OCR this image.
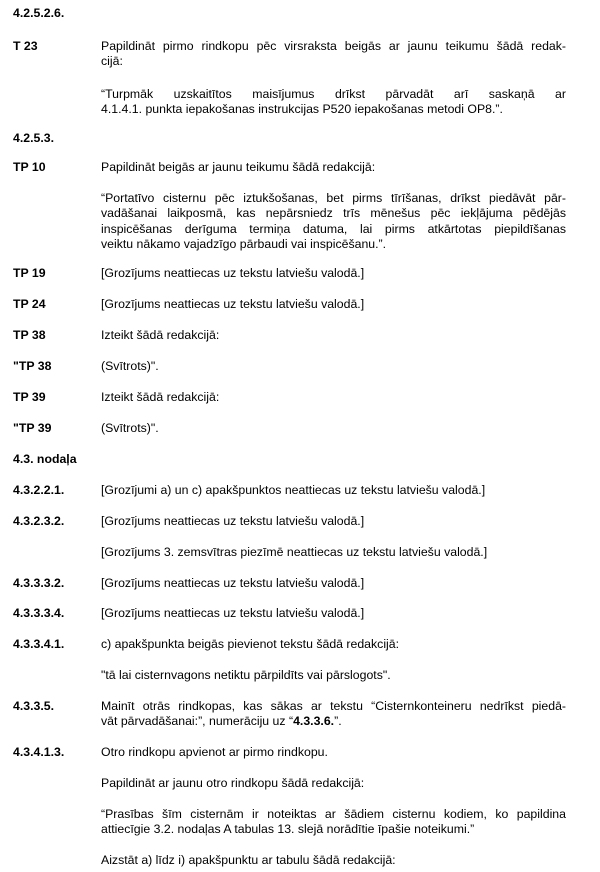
4.2.5.2.6.
T 23	Papildināt pirmo rindkopu pēc virsraksta beigās ar jaunu teikumu šādā redak-
cijā:
“Turpmāk uzskaitītos maisījumus drīkst pārvadāt arī saskaņā ar
4.1.4.1. punkta iepakošanas instrukcijas P520 iepakošanas metodi OP8.”.
4.2.5.3.
TP 10	Papildināt beigās ar jaunu teikumu šādā redakcijā:
“Portatīvo cisternu pēc iztukšošanas, bet pirms tīrīšanas, drīkst piedāvāt pār-
vadāšanai laikposmā, kas nepārsniedz trīs mēnešus pēc iekļājuma pēdējās
inspicēšanas derīguma termiņa datuma, lai pirms atkārtotas piepildīšanas
veiktu nākamo vajadzīgo pārbaudi vai inspicēšanu.”.
TP 19	[Grozījums neattiecas uz tekstu latviešu valodā.]
TP 24	[Grozījums neattiecas uz tekstu latviešu valodā.]
TP 38	Izteikt šādā redakcijā:
"TP 38	(Svītrots)".
TP 39	Izteikt šādā redakcijā:
"TP 39	(Svītrots)".
4.3. nodaļa
4.3.2.2.1.	[Grozījumi a) un c) apakšpunktos neattiecas uz tekstu latviešu valodā.]
4.3.2.3.2.	[Grozījums neattiecas uz tekstu latviešu valodā.]
[Grozījums 3. zemsvītras piezīmē neattiecas uz tekstu latviešu valodā.]
4.3.3.3.2.	[Grozījums neattiecas uz tekstu latviešu valodā.]
4.3.3.3.4.	[Grozījums neattiecas uz tekstu latviešu valodā.]
4.3.3.4.1.	c) apakšpunkta beigās pievienot tekstu šādā redakcijā:
"tā lai cisternvagons netiktu pārpildīts vai pārslogots".
4.3.3.5.	Mainīt otrās rindkopas, kas sākas ar tekstu “Cisternkonteineru nedrīkst piedā-
vāt pārvadāšanai:”, numerāciju uz “4.3.3.6.”.
4.3.4.1.3.	Otro rindkopu apvienot ar pirmo rindkopu.
Papildināt ar jaunu otro rindkopu šādā redakcijā:
“Prasības šīm cisternām ir noteiktas ar šādiem cisternu kodiem, ko papildina
attiecīgie 3.2. nodaļas A tabulas 13. slejā norādītie īpašie noteikumi.”
Aizstāt a) līdz i) apakšpunktu ar tabulu šādā redakcijā:
